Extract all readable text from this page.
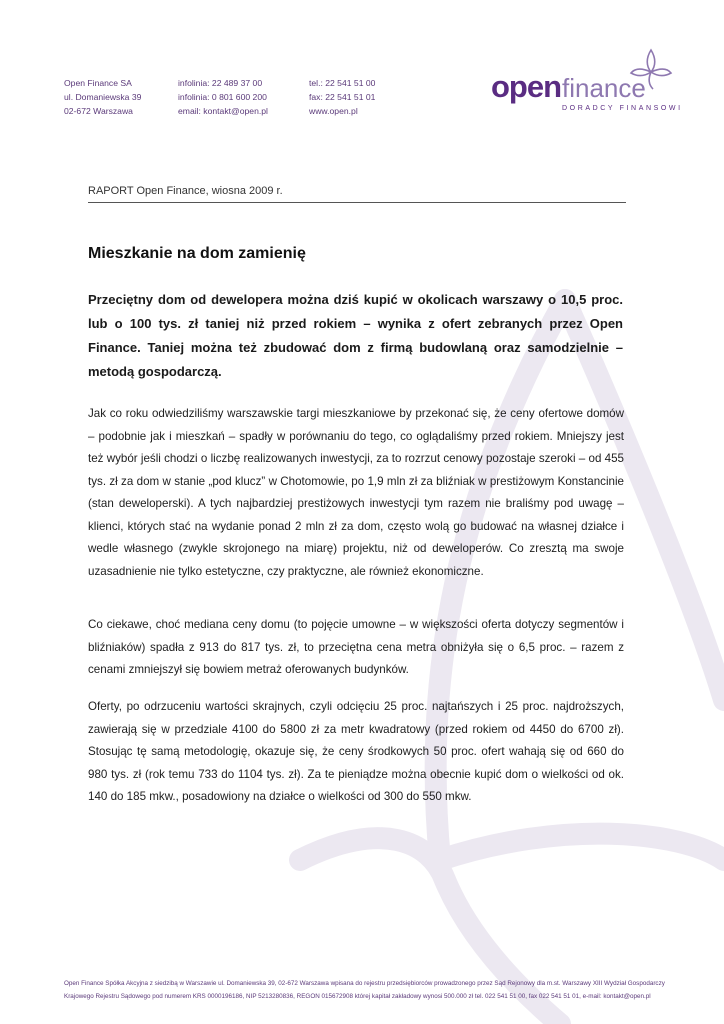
Open Finance SA
ul. Domaniewska 39
02-672 Warszawa
infolinia: 22 489 37 00
infolinia: 0 801 600 200
email: kontakt@open.pl
tel.: 22 541 51 00
fax: 22 541 51 01
www.open.pl
open finance
DORADCY FINANSOWI
RAPORT Open Finance, wiosna 2009 r.
Mieszkanie na dom zamienię

Przeciętny dom od dewelopera można dziś kupić w okolicach warszawy o 10,5 proc. lub o 100 tys. zł taniej niż przed rokiem – wynika z ofert zebranych przez Open Finance. Taniej można też zbudować dom z firmą budowlaną oraz samodzielnie – metodą gospodarczą.

Jak co roku odwiedziliśmy warszawskie targi mieszkaniowe by przekonać się, że ceny ofertowe domów – podobnie jak i mieszkań – spadły w porównaniu do tego, co oglądaliśmy przed rokiem. Mniejszy jest też wybór jeśli chodzi o liczbę realizowanych inwestycji, za to rozrzut cenowy pozostaje szeroki – od 455 tys. zł za dom w stanie „pod klucz” w Chotomowie, po 1,9 mln zł za bliźniak w prestiżowym Konstancinie (stan deweloperski). A tych najbardziej prestiżowych inwestycji tym razem nie braliśmy pod uwagę – klienci, których stać na wydanie ponad 2 mln zł za dom, często wolą go budować na własnej działce i wedle własnego (zwykle skrojonego na miarę) projektu, niż od deweloperów. Co zresztą ma swoje uzasadnienie nie tylko estetyczne, czy praktyczne, ale również ekonomiczne.

Co ciekawe, choć mediana ceny domu (to pojęcie umowne – w większości oferta dotyczy segmentów i bliźniaków) spadła z 913 do 817 tys. zł, to przeciętna cena metra obniżyła się o 6,5 proc. – razem z cenami zmniejszył się bowiem metraż oferowanych budynków.

Oferty, po odrzuceniu wartości skrajnych, czyli odcięciu 25 proc. najtańszych i 25 proc. najdroższych, zawierają się w przedziale 4100 do 5800 zł za metr kwadratowy (przed rokiem od 4450 do 6700 zł). Stosując tę samą metodologię, okazuje się, że ceny środkowych 50 proc. ofert wahają się od 660 do 980 tys. zł (rok temu 733 do 1104 tys. zł). Za te pieniądze można obecnie kupić dom o wielkości od ok. 140 do 185 mkw., posadowiony na działce o wielkości od 300 do 550 mkw.

Open Finance Spółka Akcyjna z siedzibą w Warszawie ul. Domaniewska 39, 02-672 Warszawa wpisana do rejestru przedsiębiorców prowadzonego przez Sąd Rejonowy dla m.st. Warszawy XIII Wydział Gospodarczy
Krajowego Rejestru Sądowego pod numerem KRS 0000196186, NIP 5213280836, REGON 015672908 której kapitał zakładowy wynosi 500.000 zł tel. 022 541 51 00, fax 022 541 51 01, e-mail: kontakt@open.pl
